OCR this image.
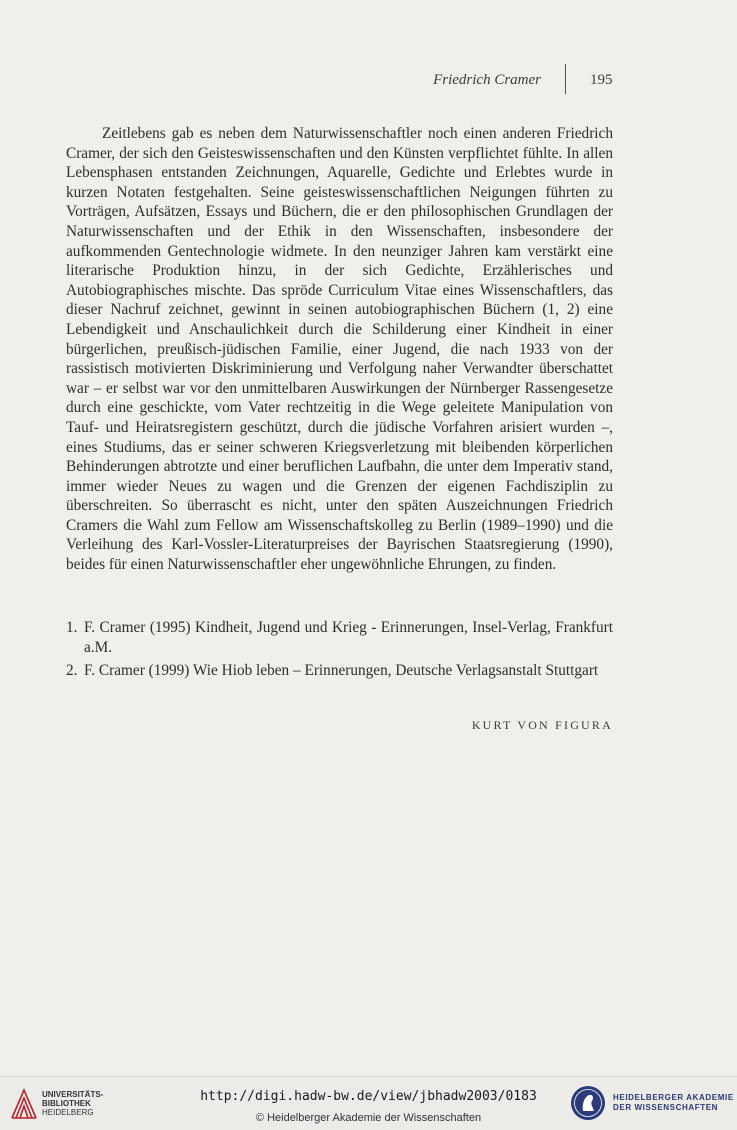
Friedrich Cramer	195

Zeitlebens gab es neben dem Naturwissenschaftler noch einen anderen Friedrich Cramer, der sich den Geisteswissenschaften und den Künsten verpflichtet fühlte. In allen Lebensphasen entstanden Zeichnungen, Aquarelle, Gedichte und Erlebtes wurde in kurzen Notaten festgehalten. Seine geisteswissenschaftlichen Neigungen führten zu Vorträgen, Aufsätzen, Essays und Büchern, die er den philosophischen Grundlagen der Naturwissenschaften und der Ethik in den Wissenschaften, insbesondere der aufkommenden Gentechnologie widmete. In den neunziger Jahren kam verstärkt eine literarische Produktion hinzu, in der sich Gedichte, Erzählerisches und Autobiographisches mischte. Das spröde Curriculum Vitae eines Wissenschaftlers, das dieser Nachruf zeichnet, gewinnt in seinen autobiographischen Büchern (1, 2) eine Lebendigkeit und Anschaulichkeit durch die Schilderung einer Kindheit in einer bürgerlichen, preußisch-jüdischen Familie, einer Jugend, die nach 1933 von der rassistisch motivierten Diskriminierung und Verfolgung naher Verwandter überschattet war – er selbst war vor den unmittelbaren Auswirkungen der Nürnberger Rassengesetze durch eine geschickte, vom Vater rechtzeitig in die Wege geleitete Manipulation von Tauf- und Heiratsregistern geschützt, durch die jüdische Vorfahren arisiert wurden –, eines Studiums, das er seiner schweren Kriegsverletzung mit bleibenden körperlichen Behinderungen abtrotzte und einer beruflichen Laufbahn, die unter dem Imperativ stand, immer wieder Neues zu wagen und die Grenzen der eigenen Fachdisziplin zu überschreiten. So überrascht es nicht, unter den späten Auszeichnungen Friedrich Cramers die Wahl zum Fellow am Wissenschaftskolleg zu Berlin (1989–1990) und die Verleihung des Karl-Vossler-Literaturpreises der Bayrischen Staatsregierung (1990), beides für einen Naturwissenschaftler eher ungewöhnliche Ehrungen, zu finden.

1. F. Cramer (1995) Kindheit, Jugend und Krieg - Erinnerungen, Insel-Verlag, Frankfurt a.M.
2. F. Cramer (1999) Wie Hiob leben – Erinnerungen, Deutsche Verlagsanstalt Stuttgart
KURT VON FIGURA
UNIVERSITÄTS-
BIBLIOTHEK
HEIDELBERG
http://digi.hadw-bw.de/view/jbhadw2003/0183
© Heidelberger Akademie der Wissenschaften
HEIDELBERGER AKADEMIE
DER WISSENSCHAFTEN
